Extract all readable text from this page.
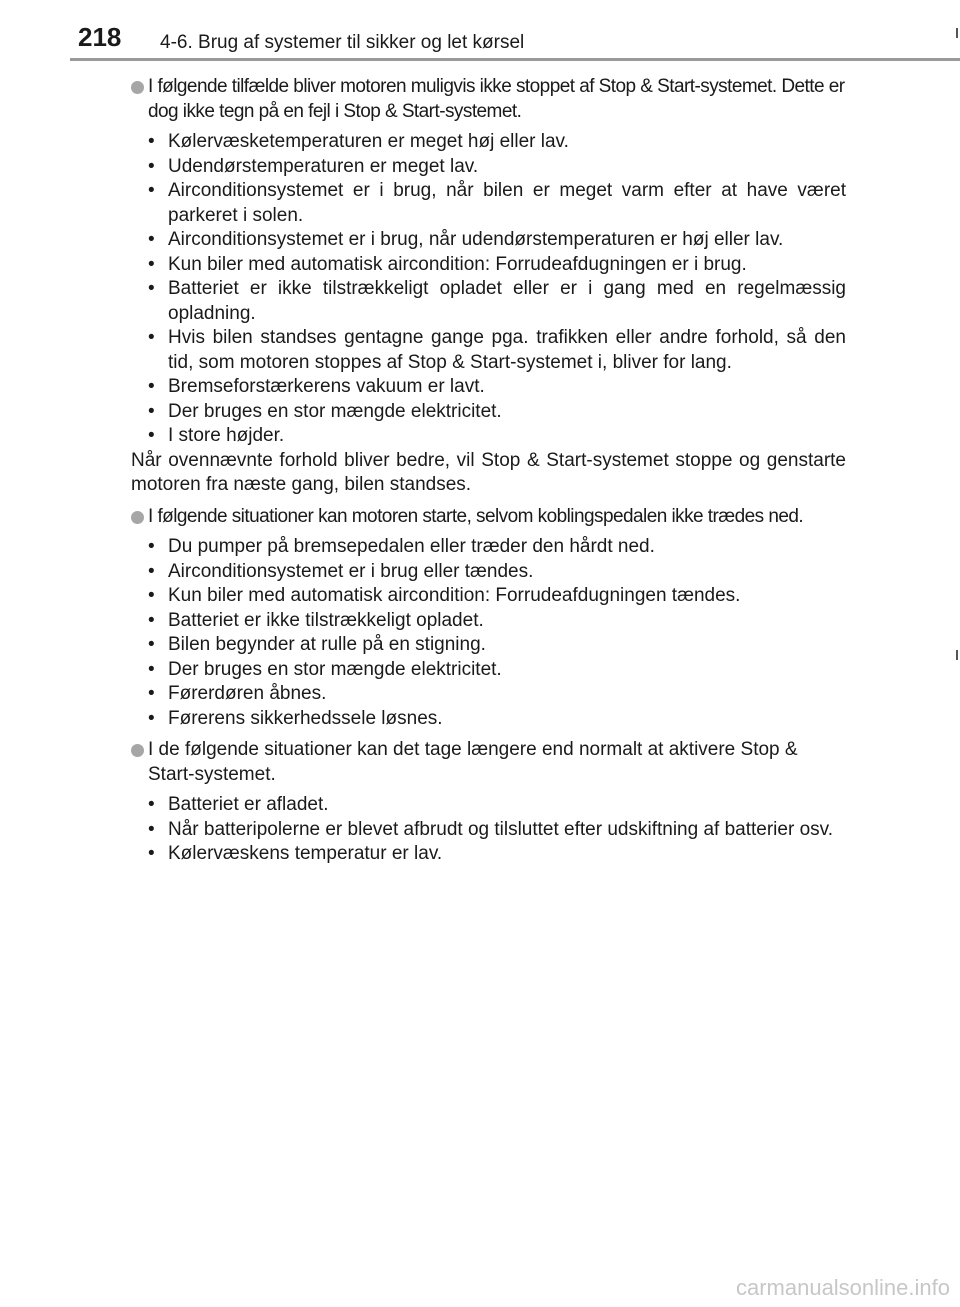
218 4-6. Brug af systemer til sikker og let kørsel
I følgende tilfælde bliver motoren muligvis ikke stoppet af Stop & Start-systemet. Dette er dog ikke tegn på en fejl i Stop & Start-systemet.
• Kølervæsketemperaturen er meget høj eller lav.
• Udendørstemperaturen er meget lav.
• Airconditionsystemet er i brug, når bilen er meget varm efter at have været parkeret i solen.
• Airconditionsystemet er i brug, når udendørstemperaturen er høj eller lav.
• Kun biler med automatisk aircondition: Forrudeafdugningen er i brug.
• Batteriet er ikke tilstrækkeligt opladet eller er i gang med en regelmæssig opladning.
• Hvis bilen standses gentagne gange pga. trafikken eller andre forhold, så den tid, som motoren stoppes af Stop & Start-systemet i, bliver for lang.
• Bremseforstærkerens vakuum er lavt.
• Der bruges en stor mængde elektricitet.
• I store højder.

Når ovennævnte forhold bliver bedre, vil Stop & Start-systemet stoppe og genstarte motoren fra næste gang, bilen standses.

I følgende situationer kan motoren starte, selvom koblingspedalen ikke trædes ned.
• Du pumper på bremsepedalen eller træder den hårdt ned.
• Airconditionsystemet er i brug eller tændes.
• Kun biler med automatisk aircondition: Forrudeafdugningen tændes.
• Batteriet er ikke tilstrækkeligt opladet.
• Bilen begynder at rulle på en stigning.
• Der bruges en stor mængde elektricitet.
• Førerdøren åbnes.
• Førerens sikkerhedssele løsnes.
I de følgende situationer kan det tage længere end normalt at aktivere Stop & Start-systemet.
• Batteriet er afladet.
• Når batteripolerne er blevet afbrudt og tilsluttet efter udskiftning af batterier osv.
• Kølervæskens temperatur er lav.
carmanualsonline.info
